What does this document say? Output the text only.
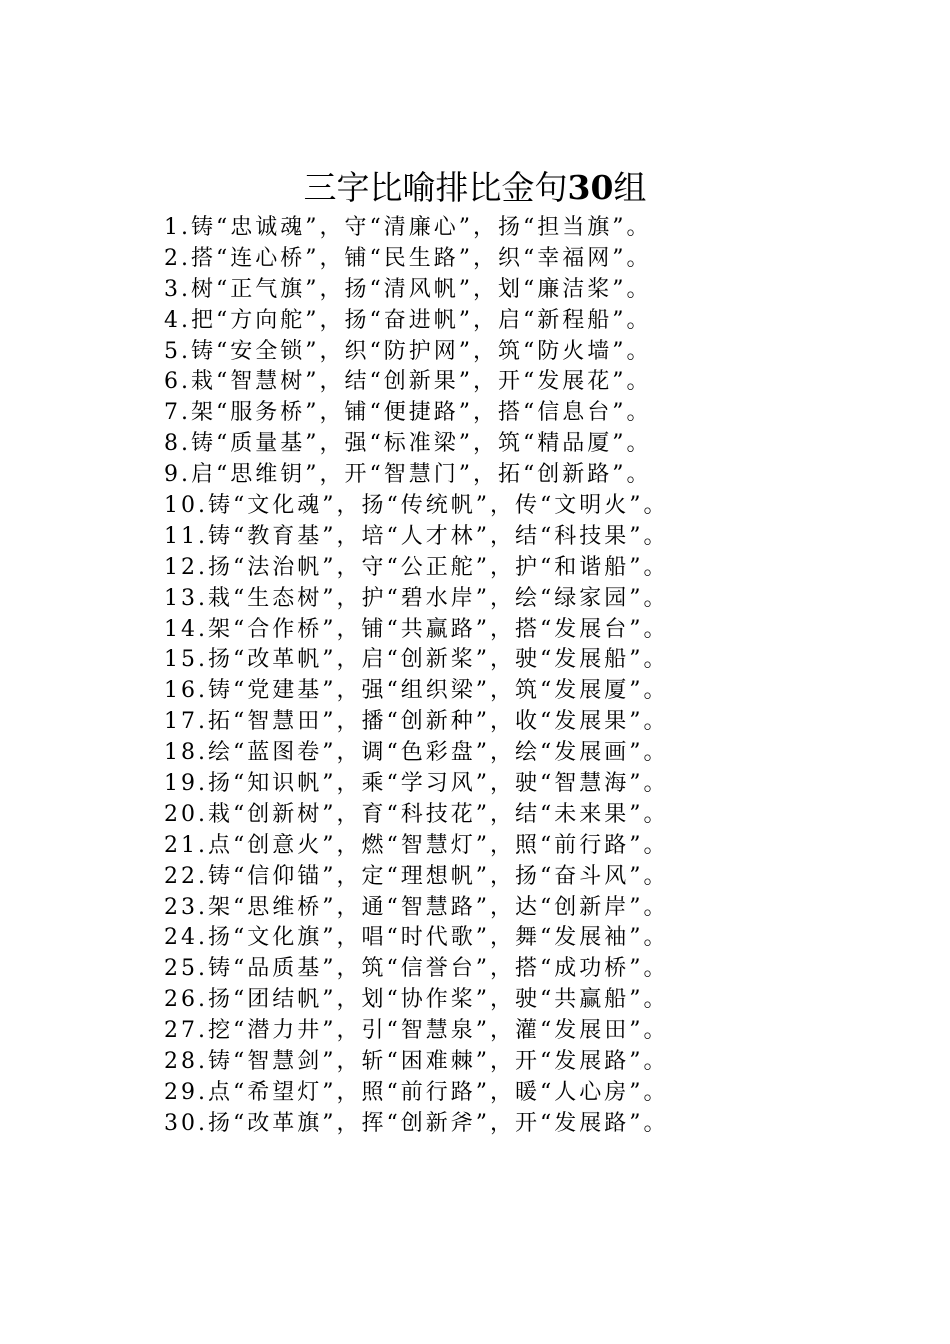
三字比喻排比金句30组
1.铸“忠诚魂”，守“清廉心”，扬“担当旗”。
2.搭“连心桥”，铺“民生路”，织“幸福网”。
3.树“正气旗”，扬“清风帆”，划“廉洁桨”。
4.把“方向舵”，扬“奋进帆”，启“新程船”。
5.铸“安全锁”，织“防护网”，筑“防火墙”。
6.栽“智慧树”，结“创新果”，开“发展花”。
7.架“服务桥”，铺“便捷路”，搭“信息台”。
8.铸“质量基”，强“标准梁”，筑“精品厦”。
9.启“思维钥”，开“智慧门”，拓“创新路”。
10.铸“文化魂”，扬“传统帆”，传“文明火”。
11.铸“教育基”，培“人才林”，结“科技果”。
12.扬“法治帆”，守“公正舵”，护“和谐船”。
13.栽“生态树”，护“碧水岸”，绘“绿家园”。
14.架“合作桥”，铺“共赢路”，搭“发展台”。
15.扬“改革帆”，启“创新桨”，驶“发展船”。
16.铸“党建基”，强“组织梁”，筑“发展厦”。
17.拓“智慧田”，播“创新种”，收“发展果”。
18.绘“蓝图卷”，调“色彩盘”，绘“发展画”。
19.扬“知识帆”，乘“学习风”，驶“智慧海”。
20.栽“创新树”，育“科技花”，结“未来果”。
21.点“创意火”，燃“智慧灯”，照“前行路”。
22.铸“信仰锚”，定“理想帆”，扬“奋斗风”。
23.架“思维桥”，通“智慧路”，达“创新岸”。
24.扬“文化旗”，唱“时代歌”，舞“发展袖”。
25.铸“品质基”，筑“信誉台”，搭“成功桥”。
26.扬“团结帆”，划“协作桨”，驶“共赢船”。
27.挖“潜力井”，引“智慧泉”，灌“发展田”。
28.铸“智慧剑”，斩“困难棘”，开“发展路”。
29.点“希望灯”，照“前行路”，暖“人心房”。
30.扬“改革旗”，挥“创新斧”，开“发展路”。
